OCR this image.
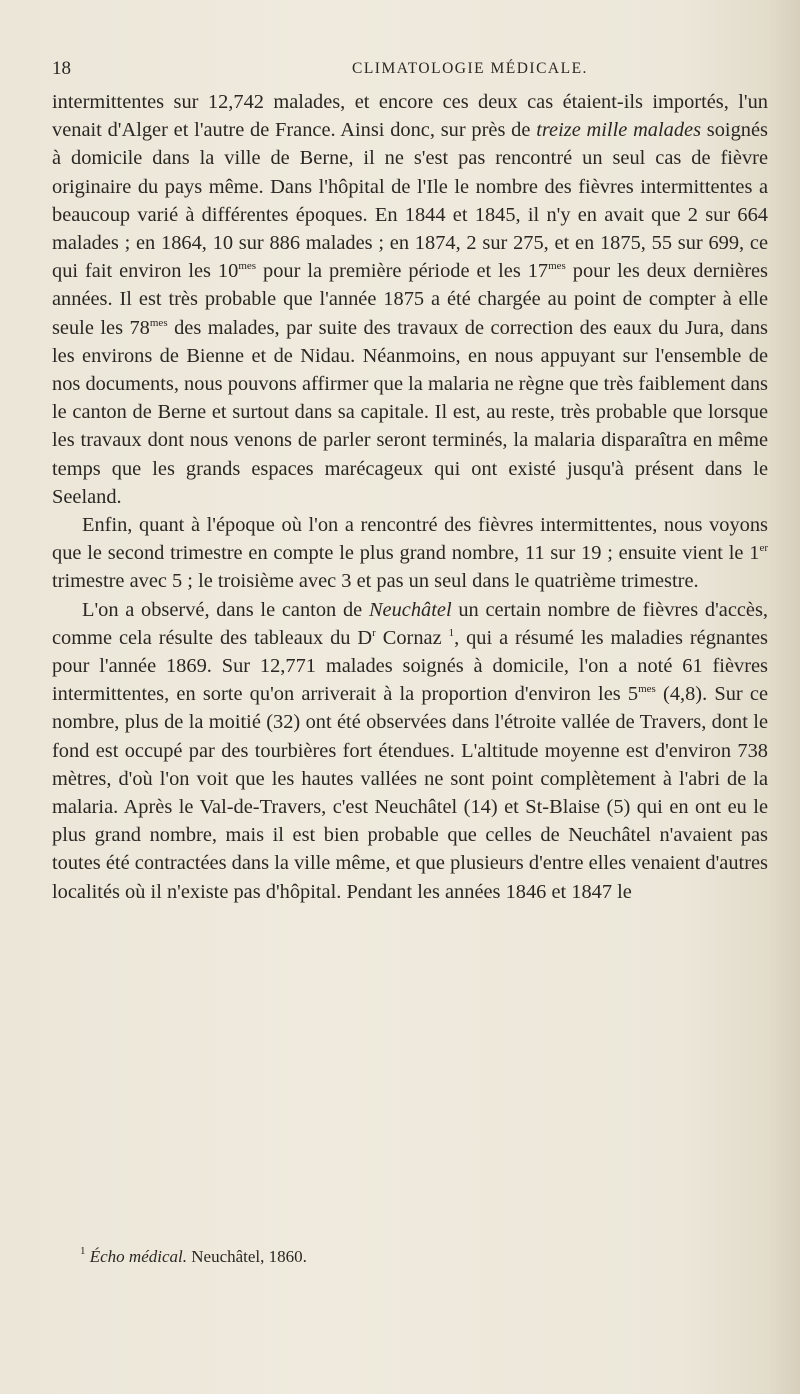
18	CLIMATOLOGIE MÉDICALE.

intermittentes sur 12,742 malades, et encore ces deux cas étaient-ils importés, l'un venait d'Alger et l'autre de France. Ainsi donc, sur près de treize mille malades soignés à domicile dans la ville de Berne, il ne s'est pas rencontré un seul cas de fièvre originaire du pays même. Dans l'hôpital de l'Ile le nombre des fièvres intermittentes a beaucoup varié à différentes époques. En 1844 et 1845, il n'y en avait que 2 sur 664 malades ; en 1864, 10 sur 886 malades ; en 1874, 2 sur 275, et en 1875, 55 sur 699, ce qui fait environ les $10^{mes}$ pour la première période et les $17^{mes}$ pour les deux dernières années. Il est très probable que l'année 1875 a été chargée au point de compter à elle seule les $78^{mes}$ des malades, par suite des travaux de correction des eaux du Jura, dans les environs de Bienne et de Nidau. Néanmoins, en nous appuyant sur l'ensemble de nos documents, nous pouvons affirmer que la malaria ne règne que très faiblement dans le canton de Berne et surtout dans sa capitale. Il est, au reste, très probable que lorsque les travaux dont nous venons de parler seront terminés, la malaria disparaîtra en même temps que les grands espaces marécageux qui ont existé jusqu'à présent dans le Seeland.

Enfin, quant à l'époque où l'on a rencontré des fièvres intermittentes, nous voyons que le second trimestre en compte le plus grand nombre, 11 sur 19 ; ensuite vient le 1er trimestre avec 5 ; le troisième avec 3 et pas un seul dans le quatrième trimestre.

L'on a observé, dans le canton de Neuchâtel un certain nombre de fièvres d'accès, comme cela résulte des tableaux du $D^r$ Cornaz $^1$, qui a résumé les maladies régnantes pour l'année 1869. Sur 12,771 malades soignés à domicile, l'on a noté 61 fièvres intermittentes, en sorte qu'on arriverait à la proportion d'environ les $5^{mes}$ (4,8). Sur ce nombre, plus de la moitié (32) ont été observées dans l'étroite vallée de Travers, dont le fond est occupé par des tourbières fort étendues. L'altitude moyenne est d'environ 738 mètres, d'où l'on voit que les hautes vallées ne sont point complètement à l'abri de la malaria. Après le Val-de-Travers, c'est Neuchâtel (14) et St-Blaise (5) qui en ont eu le plus grand nombre, mais il est bien probable que celles de Neuchâtel n'avaient pas toutes été contractées dans la ville même, et que plusieurs d'entre elles venaient d'autres localités où il n'existe pas d'hôpital. Pendant les années 1846 et 1847 le

$^1$ Écho médical. Neuchâtel, 1860.
